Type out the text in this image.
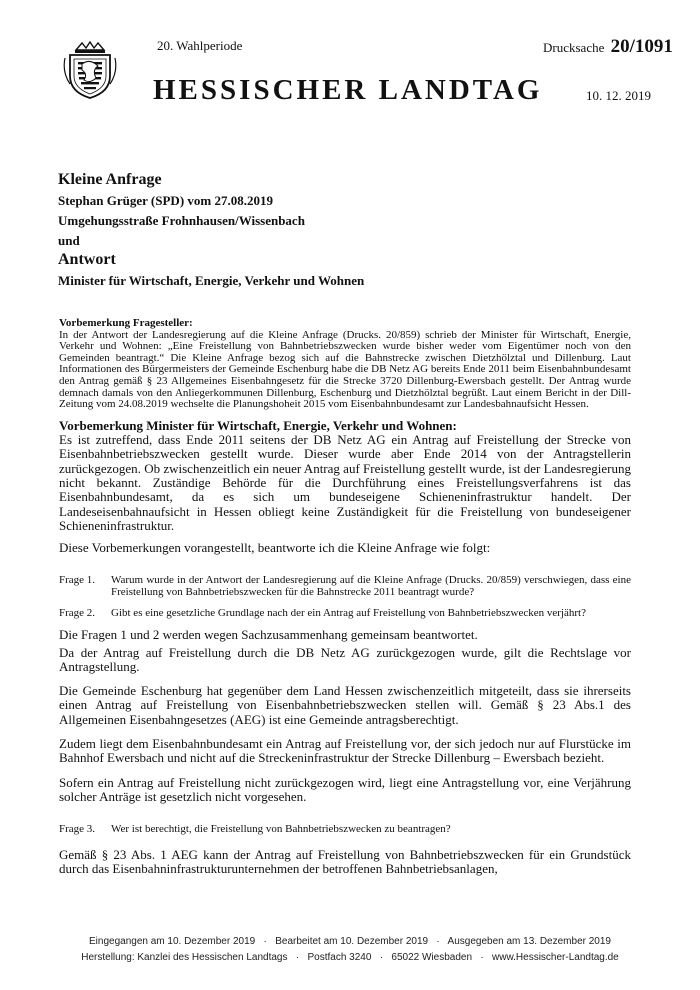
20. Wahlperiode
HESSISCHER LANDTAG
Drucksache 20/1091
10. 12. 2019
Kleine Anfrage
Stephan Grüger (SPD) vom 27.08.2019
Umgehungsstraße Frohnhausen/Wissenbach
und
Antwort
Minister für Wirtschaft, Energie, Verkehr und Wohnen

Vorbemerkung Fragesteller:

In der Antwort der Landesregierung auf die Kleine Anfrage (Drucks. 20/859) schrieb der Minister für Wirtschaft, Energie, Verkehr und Wohnen: „Eine Freistellung von Bahnbetriebszwecken wurde bisher weder vom Eigentümer noch von den Gemeinden beantragt.“ Die Kleine Anfrage bezog sich auf die Bahnstrecke zwischen Dietzhölztal und Dillenburg. Laut Informationen des Bürgermeisters der Gemeinde Eschenburg habe die DB Netz AG bereits Ende 2011 beim Eisenbahnbundesamt den Antrag gemäß § 23 Allgemeines Eisenbahngesetz für die Strecke 3720 Dillenburg-Ewersbach gestellt. Der Antrag wurde demnach damals von den Anliegerkommunen Dillenburg, Eschenburg und Dietzhölztal begrüßt. Laut einem Bericht in der Dill-Zeitung vom 24.08.2019 wechselte die Planungshoheit 2015 vom Eisenbahnbundesamt zur Landesbahnaufsicht Hessen.

Vorbemerkung Minister für Wirtschaft, Energie, Verkehr und Wohnen:

Es ist zutreffend, dass Ende 2011 seitens der DB Netz AG ein Antrag auf Freistellung der Strecke von Eisenbahnbetriebszwecken gestellt wurde. Dieser wurde aber Ende 2014 von der Antragstellerin zurückgezogen. Ob zwischenzeitlich ein neuer Antrag auf Freistellung gestellt wurde, ist der Landesregierung nicht bekannt. Zuständige Behörde für die Durchführung eines Freistellungsverfahrens ist das Eisenbahnbundesamt, da es sich um bundeseigene Schieneninfrastruktur handelt. Der Landeseisenbahnaufsicht in Hessen obliegt keine Zuständigkeit für die Freistellung von bundeseigener Schieneninfrastruktur.

Diese Vorbemerkungen vorangestellt, beantworte ich die Kleine Anfrage wie folgt:

Frage 1.	Warum wurde in der Antwort der Landesregierung auf die Kleine Anfrage (Drucks. 20/859) verschwiegen, dass eine Freistellung von Bahnbetriebszwecken für die Bahnstrecke 2011 beantragt wurde?
Frage 2.	Gibt es eine gesetzliche Grundlage nach der ein Antrag auf Freistellung von Bahnbetriebszwecken verjährt?

Die Fragen 1 und 2 werden wegen Sachzusammenhang gemeinsam beantwortet.

Da der Antrag auf Freistellung durch die DB Netz AG zurückgezogen wurde, gilt die Rechtslage vor Antragstellung.

Die Gemeinde Eschenburg hat gegenüber dem Land Hessen zwischenzeitlich mitgeteilt, dass sie ihrerseits einen Antrag auf Freistellung von Eisenbahnbetriebszwecken stellen will. Gemäß § 23 Abs.1 des Allgemeinen Eisenbahngesetzes (AEG) ist eine Gemeinde antragsberechtigt.

Zudem liegt dem Eisenbahnbundesamt ein Antrag auf Freistellung vor, der sich jedoch nur auf Flurstücke im Bahnhof Ewersbach und nicht auf die Streckeninfrastruktur der Strecke Dillenburg – Ewersbach bezieht.

Sofern ein Antrag auf Freistellung nicht zurückgezogen wird, liegt eine Antragstellung vor, eine Verjährung solcher Anträge ist gesetzlich nicht vorgesehen.

Frage 3.	Wer ist berechtigt, die Freistellung von Bahnbetriebszwecken zu beantragen?

Gemäß § 23 Abs. 1 AEG kann der Antrag auf Freistellung von Bahnbetriebszwecken für ein Grundstück durch das Eisenbahninfrastrukturunternehmen der betroffenen Bahnbetriebsanlagen,

Eingegangen am 10. Dezember 2019   ·   Bearbeitet am 10. Dezember 2019   ·   Ausgegeben am 13. Dezember 2019
Herstellung: Kanzlei des Hessischen Landtags   ·   Postfach 3240   ·   65022 Wiesbaden   ·   www.Hessischer-Landtag.de
